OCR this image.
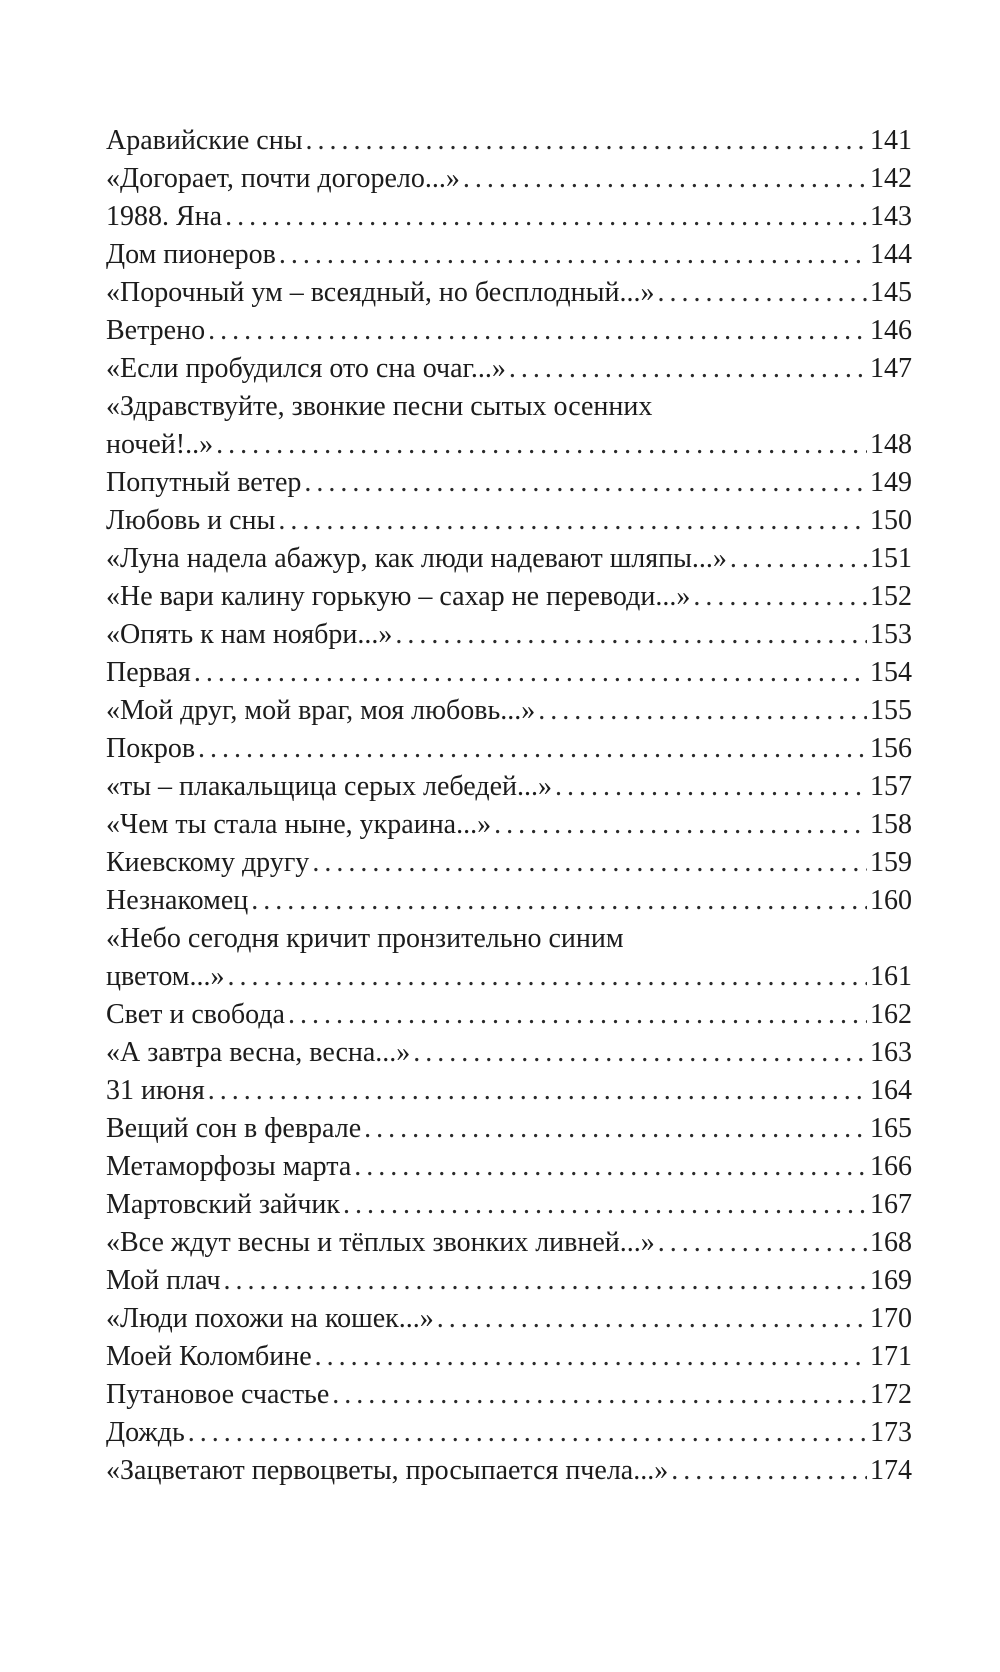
Аравийские сны . . .	141
«Догорает, почти догорело...» . . .	142
1988. Яна . . .	143
Дом пионеров . . .	144
«Порочный ум – всеядный, но бесплодный...» . . .	145
Ветрено . . .	146
«Если пробудился ото сна очаг...» . . .	147
«Здравствуйте, звонкие песни сытых осенних
ночей!..» . . .	148
Попутный ветер . . .	149
Любовь и сны . . .	150
«Луна надела абажур, как люди надевают шляпы...» . . .	151
«Не вари калину горькую – сахар не переводи...» . . .	152
«Опять к нам ноябри...» . . .	153
Первая . . .	154
«Мой друг, мой враг, моя любовь...» . . .	155
Покров . . .	156
«ты – плакальщица серых лебедей...» . . .	157
«Чем ты стала ныне, украина...» . . .	158
Киевскому другу . . .	159
Незнакомец . . .	160
«Небо сегодня кричит пронзительно синим
цветом...» . . .	161
Свет и свобода . . .	162
«А завтра весна, весна...» . . .	163
31 июня . . .	164
Вещий сон в феврале . . .	165
Метаморфозы марта . . .	166
Мартовский зайчик . . .	167
«Все ждут весны и тёплых звонких ливней...» . . .	168
Мой плач . . .	169
«Люди похожи на кошек...» . . .	170
Моей Коломбине . . .	171
Путановое счастье . . .	172
Дождь . . .	173
«Зацветают первоцветы, просыпается пчела...» . . .	174
